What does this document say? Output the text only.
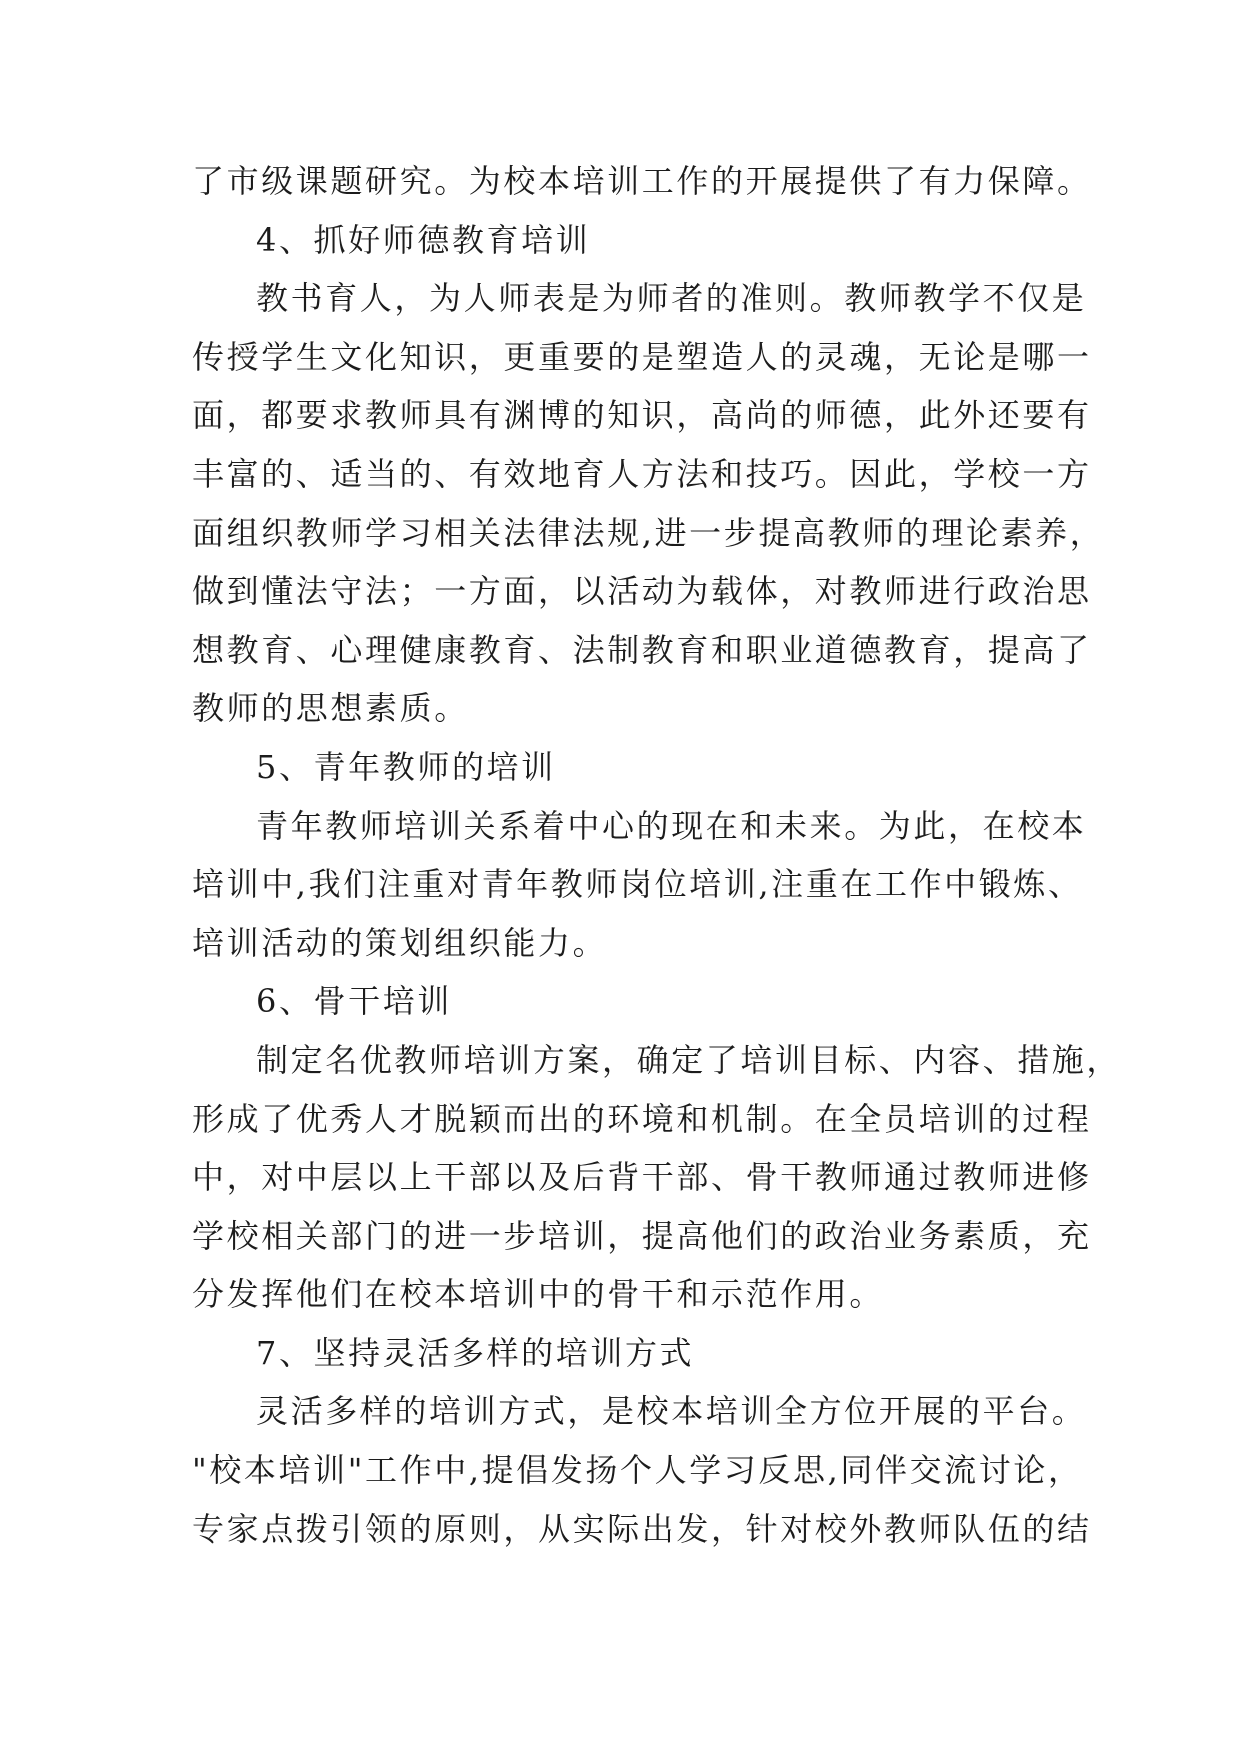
了市级课题研究。为校本培训工作的开展提供了有力保障。
4、抓好师德教育培训
教书育人，为人师表是为师者的准则。教师教学不仅是
传授学生文化知识，更重要的是塑造人的灵魂，无论是哪一
面，都要求教师具有渊博的知识，高尚的师德，此外还要有
丰富的、适当的、有效地育人方法和技巧。因此，学校一方
面组织教师学习相关法律法规,进一步提高教师的理论素养，
做到懂法守法；一方面，以活动为载体，对教师进行政治思
想教育、心理健康教育、法制教育和职业道德教育，提高了
教师的思想素质。
5、青年教师的培训
青年教师培训关系着中心的现在和未来。为此，在校本
培训中,我们注重对青年教师岗位培训,注重在工作中锻炼、
培训活动的策划组织能力。
6、骨干培训
制定名优教师培训方案，确定了培训目标、内容、措施，
形成了优秀人才脱颖而出的环境和机制。在全员培训的过程
中，对中层以上干部以及后背干部、骨干教师通过教师进修
学校相关部门的进一步培训，提高他们的政治业务素质，充
分发挥他们在校本培训中的骨干和示范作用。
7、坚持灵活多样的培训方式
灵活多样的培训方式，是校本培训全方位开展的平台。
"校本培训"工作中,提倡发扬个人学习反思,同伴交流讨论，
专家点拨引领的原则，从实际出发，针对校外教师队伍的结
